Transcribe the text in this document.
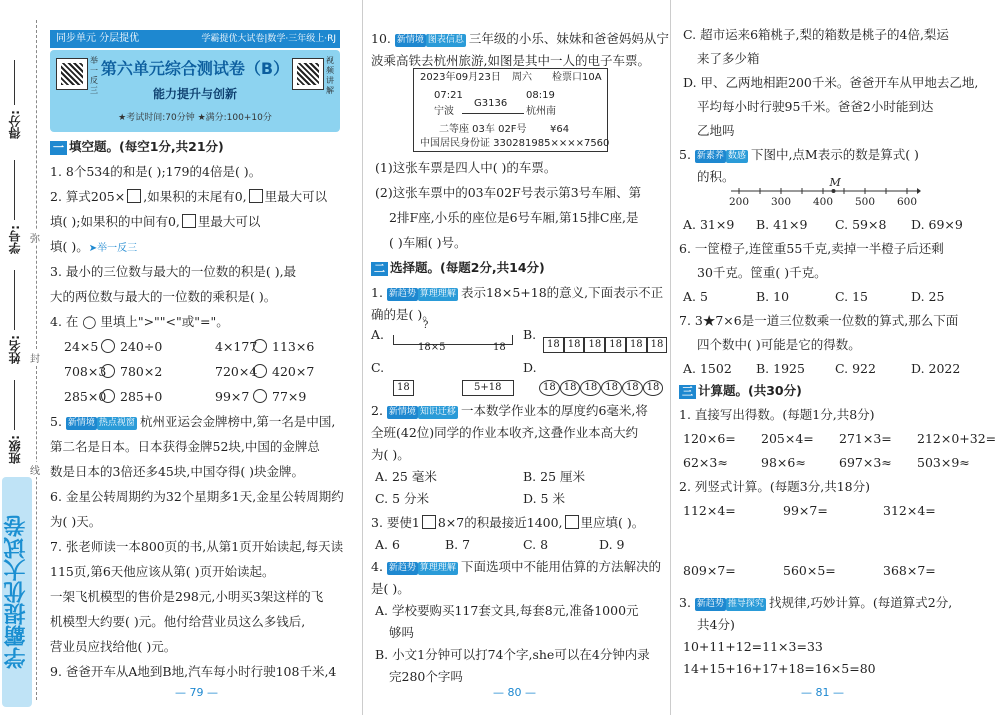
得分:
学号:
姓名:
班级:
弥
封
线
学霸提优大试卷
同步单元 分层提优	学霸提优大试卷|数学·三年级上·RJ
举一反三
视频讲解
第六单元综合测试卷（B）
能力提升与创新
★考试时间:70分钟 ★满分:100+10分
一 填空题。(每空1分,共21分)
1. 8个534的和是( );179的4倍是( )。
2. 算式205× ,如果积的末尾有0, 里最大可以
填( );如果积的中间有0, 里最大可以
填( )。➤举一反三
3. 最小的三位数与最大的一位数的积是( ),最
大的两位数与最大的一位数的乘积是( )。
4. 在 ◯ 里填上">""<"或"="。
24×5 240÷0	4×177 113×6
708×3 780×2	720×4 420×7
285×0 285+0	99×7 77×9
5. 新情境 热点视窗 杭州亚运会金牌榜中,第一名是中国,
第二名是日本。日本获得金牌52块,中国的金牌总
数是日本的3倍还多45块,中国夺得( )块金牌。
6. 金星公转周期约为32个星期多1天,金星公转周期约
为( )天。
7. 张老师读一本800页的书,从第1页开始读起,每天读
115页,第6天他应该从第( )页开始读起。
一架飞机模型的售价是298元,小明买3架这样的飞
机模型大约要( )元。他付给营业员这么多钱后,
营业员应找给他( )元。
— 79 —
9. 爸爸开车从A地到B地,汽车每小时行驶108千米,4
10. 新情境 图表信息 三年级的小乐、妹妹和爸爸妈妈从宁
波乘高铁去杭州旅游,如图是其中一人的电子车票。
2023年09月23日 周六 检票口10A
07:21	08:19
G3136
宁波	杭州南
二等座 03车 02F号 ¥64
中国居民身份证 330281985××××7560
(1)这张车票是四人中( )的车票。
(2)这张车票中的03车02F号表示第3号车厢、第
2排F座,小乐的座位是6号车厢,第15排C座,是
( )车厢( )号。
二 选择题。(每题2分,共14分)
1. 新趋势 算理理解 表示18×5+18的意义,下面表示不正
确的是( )。
A.
?
18×5	18
B.
18 18 18 18 18 18
C.
18	5+18
D.
18 18 18 18 18 18
2. 新情境 知识迁移 一本数学作业本的厚度约6毫米,将
全班(42位)同学的作业本收齐,这叠作业本高大约
为( )。
A. 25 毫米	B. 25 厘米
C. 5 分米	D. 5 米
3. 要使1 8×7的积最接近1400, 里应填( )。
A. 6	B. 7	C. 8	D. 9
4. 新趋势 算理理解 下面选项中不能用估算的方法解决的
是( )。
A. 学校要购买117套文具,每套8元,准备1000元
够吗
B. 小文1分钟可以打74个字,she可以在4分钟内录
完280个字吗
— 80 —
C. 超市运来6箱桃子,梨的箱数是桃子的4倍,梨运
来了多少箱
D. 甲、乙两地相距200千米。爸爸开车从甲地去乙地,
平均每小时行驶95千米。爸爸2小时能到达
乙地吗
5. 新素养 数感 下图中,点M表示的数是算式( )
的积。	M
200 300 400 500 600
A. 31×9 B. 41×9 C. 59×8 D. 69×9
6. 一筐橙子,连筐重55千克,卖掉一半橙子后还剩
30千克。筐重( )千克。
A. 5	B. 10	C. 15	D. 25
7. 3★7×6是一道三位数乘一位数的算式,那么下面
四个数中( )可能是它的得数。
A. 1502 B. 1925 C. 922	D. 2022
三 计算题。(共30分)
1. 直接写出得数。(每题1分,共8分)
120×6= 205×4= 271×3= 212×0+32=
62×3≈	98×6≈	697×3≈ 503×9≈
2. 列竖式计算。(每题3分,共18分)
112×4=	99×7=	312×4=
809×7=	560×5=	368×7=
3. 新趋势 推导探究 找规律,巧妙计算。(每道算式2分,
共4分)
10+11+12=11×3=33
14+15+16+17+18=16×5=80
— 81 —
